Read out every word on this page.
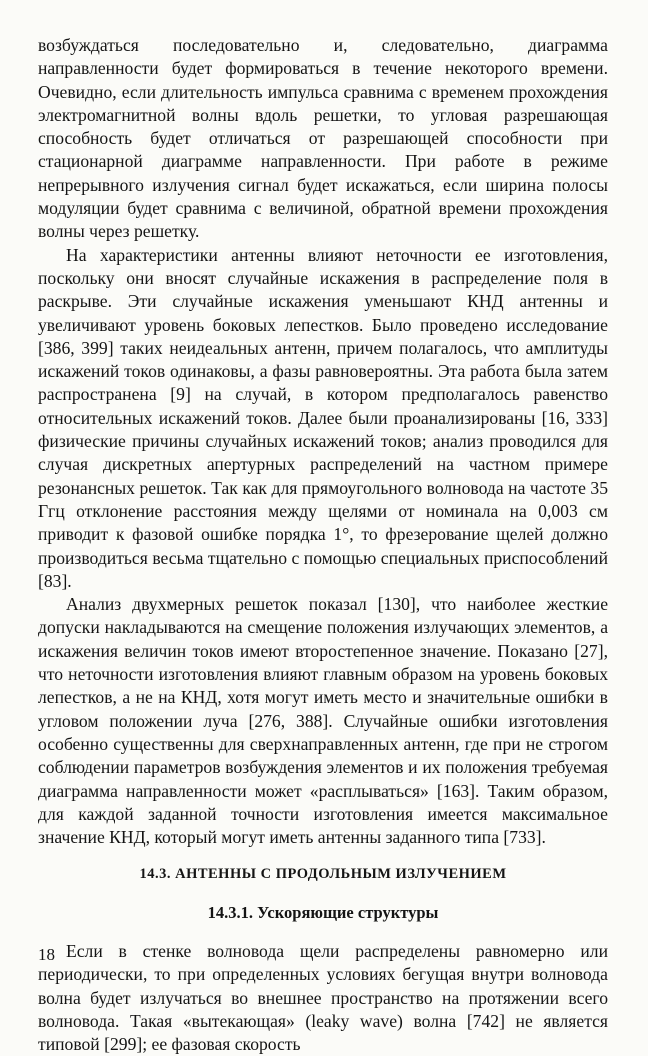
возбуждаться последовательно и, следовательно, диаграмма направленности будет формироваться в течение некоторого времени. Очевидно, если длительность импульса сравнима с временем прохождения электромагнитной волны вдоль решетки, то угловая разрешающая способность будет отличаться от разрешающей способности при стационарной диаграмме направленности. При работе в режиме непрерывного излучения сигнал будет искажаться, если ширина полосы модуляции будет сравнима с величиной, обратной времени прохождения волны через решетку.

На характеристики антенны влияют неточности ее изготовления, поскольку они вносят случайные искажения в распределение поля в раскрыве. Эти случайные искажения уменьшают КНД антенны и увеличивают уровень боковых лепестков. Было проведено исследование [386, 399] таких неидеальных антенн, причем полагалось, что амплитуды искажений токов одинаковы, а фазы равновероятны. Эта работа была затем распространена [9] на случай, в котором предполагалось равенство относительных искажений токов. Далее были проанализированы [16, 333] физические причины случайных искажений токов; анализ проводился для случая дискретных апертурных распределений на частном примере резонансных решеток. Так как для прямоугольного волновода на частоте 35 Ггц отклонение расстояния между щелями от номинала на 0,003 см приводит к фазовой ошибке порядка 1°, то фрезерование щелей должно производиться весьма тщательно с помощью специальных приспособлений [83].

Анализ двухмерных решеток показал [130], что наиболее жесткие допуски накладываются на смещение положения излучающих элементов, а искажения величин токов имеют второстепенное значение. Показано [27], что неточности изготовления влияют главным образом на уровень боковых лепестков, а не на КНД, хотя могут иметь место и значительные ошибки в угловом положении луча [276, 388]. Случайные ошибки изготовления особенно существенны для сверхнаправленных антенн, где при не строгом соблюдении параметров возбуждения элементов и их положения требуемая диаграмма направленности может «расплываться» [163]. Таким образом, для каждой заданной точности изготовления имеется максимальное значение КНД, который могут иметь антенны заданного типа [733].

14.3. АНТЕННЫ С ПРОДОЛЬНЫМ ИЗЛУЧЕНИЕМ
14.3.1. Ускоряющие структуры

Если в стенке волновода щели распределены равномерно или периодически, то при определенных условиях бегущая внутри волновода волна будет излучаться во внешнее пространство на протяжении всего волновода. Такая «вытекающая» (leaky wave) волна [742] не является типовой [299]; ее фазовая скорость

18
